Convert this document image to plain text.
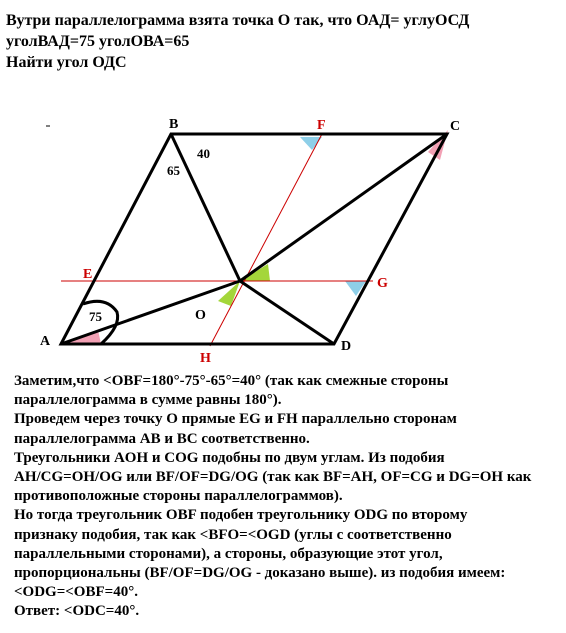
Вутри параллелограмма взята точка О так, что ОАД= углуОСД
уголВАД=75 уголОВА=65
Найти угол ОДС
A
B	C
D
O
E
F
G
H
75
65
40
Заметим,что <OBF=180°-75°-65°=40° (так как смежные стороны
параллелограмма в сумме равны 180°).
Проведем через точку О прямые EG и FH параллельно сторонам
параллелограмма AB и BC соответственно.
Треугольники AOH и COG подобны по двум углам. Из подобия
AH/CG=OH/OG или BF/OF=DG/OG (так как BF=AH, OF=CG и DG=OH как
противоположные стороны параллелограммов).
Но тогда треугольник OBF подобен треугольнику ODG по второму
признаку подобия, так как <BFO=<OGD (углы с соответственно
параллельными сторонами), а стороны, образующие этот угол,
пропорциональны (BF/OF=DG/OG - доказано выше). из подобия имеем:
<ODG=<OBF=40°.
Ответ: <ODC=40°.
